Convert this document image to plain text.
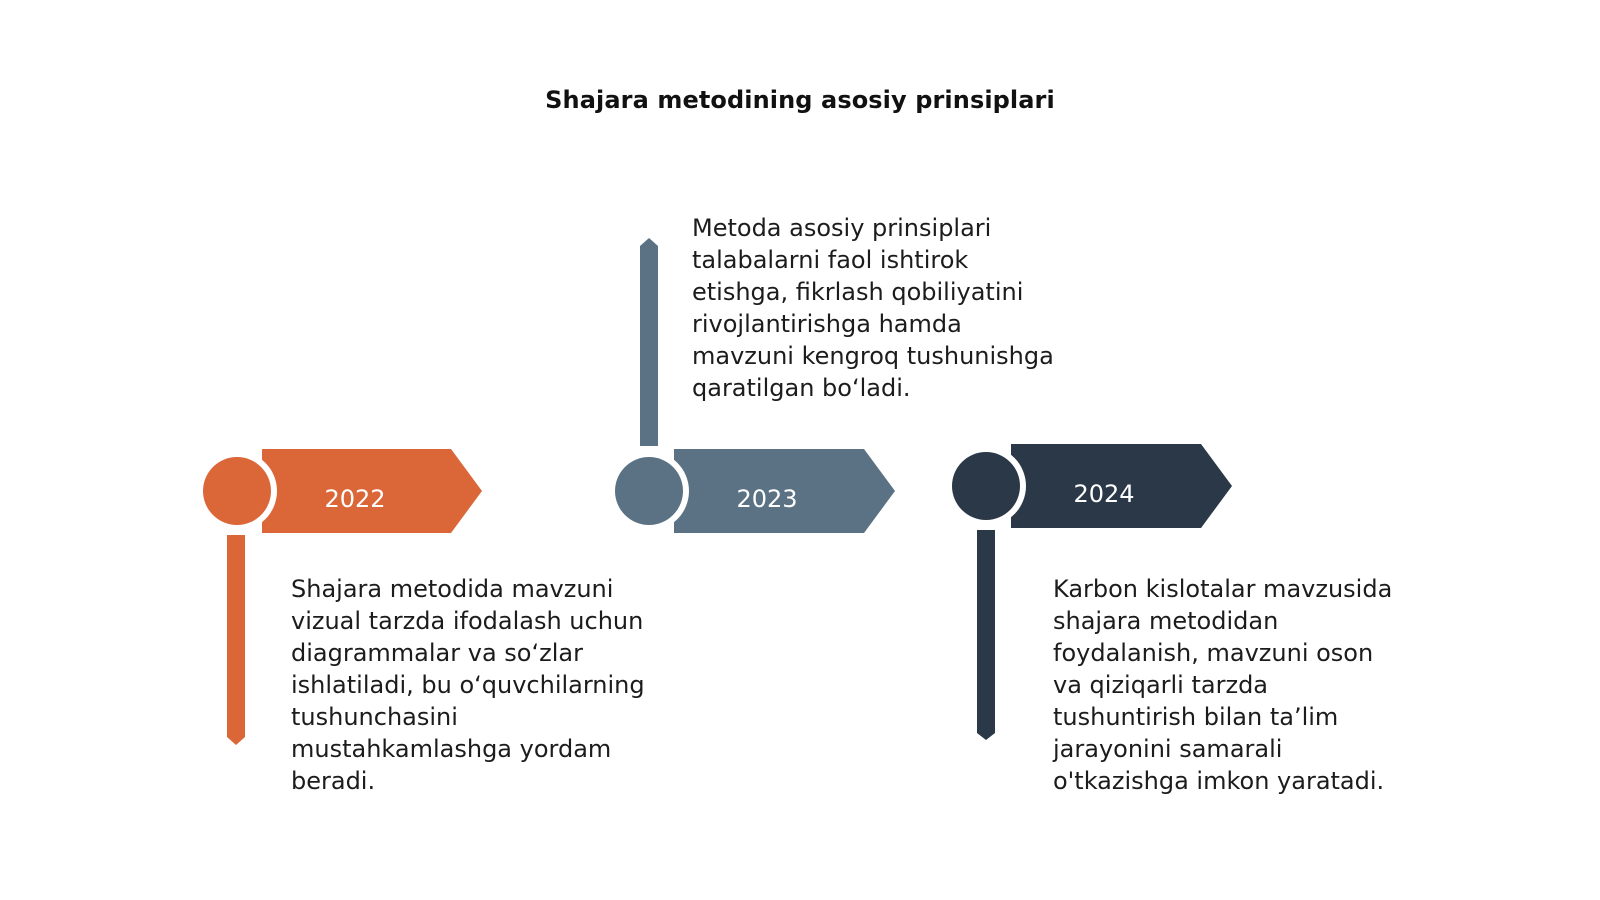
Shajara metodining asosiy prinsiplari
2022	2023	2024
Shajara metodida mavzuni vizual tarzda ifodalash uchun diagrammalar va so‘zlar ishlatiladi, bu o‘quvchilarning tushunchasini mustahkamlashga yordam beradi.
Metoda asosiy prinsiplari talabalarni faol ishtirok etishga, fikrlash qobiliyatini rivojlantirishga hamda mavzuni kengroq tushunishga qaratilgan bo‘ladi.
Karbon kislotalar mavzusida shajara metodidan foydalanish, mavzuni oson va qiziqarli tarzda tushuntirish bilan ta’lim jarayonini samarali o'tkazishga imkon yaratadi.
